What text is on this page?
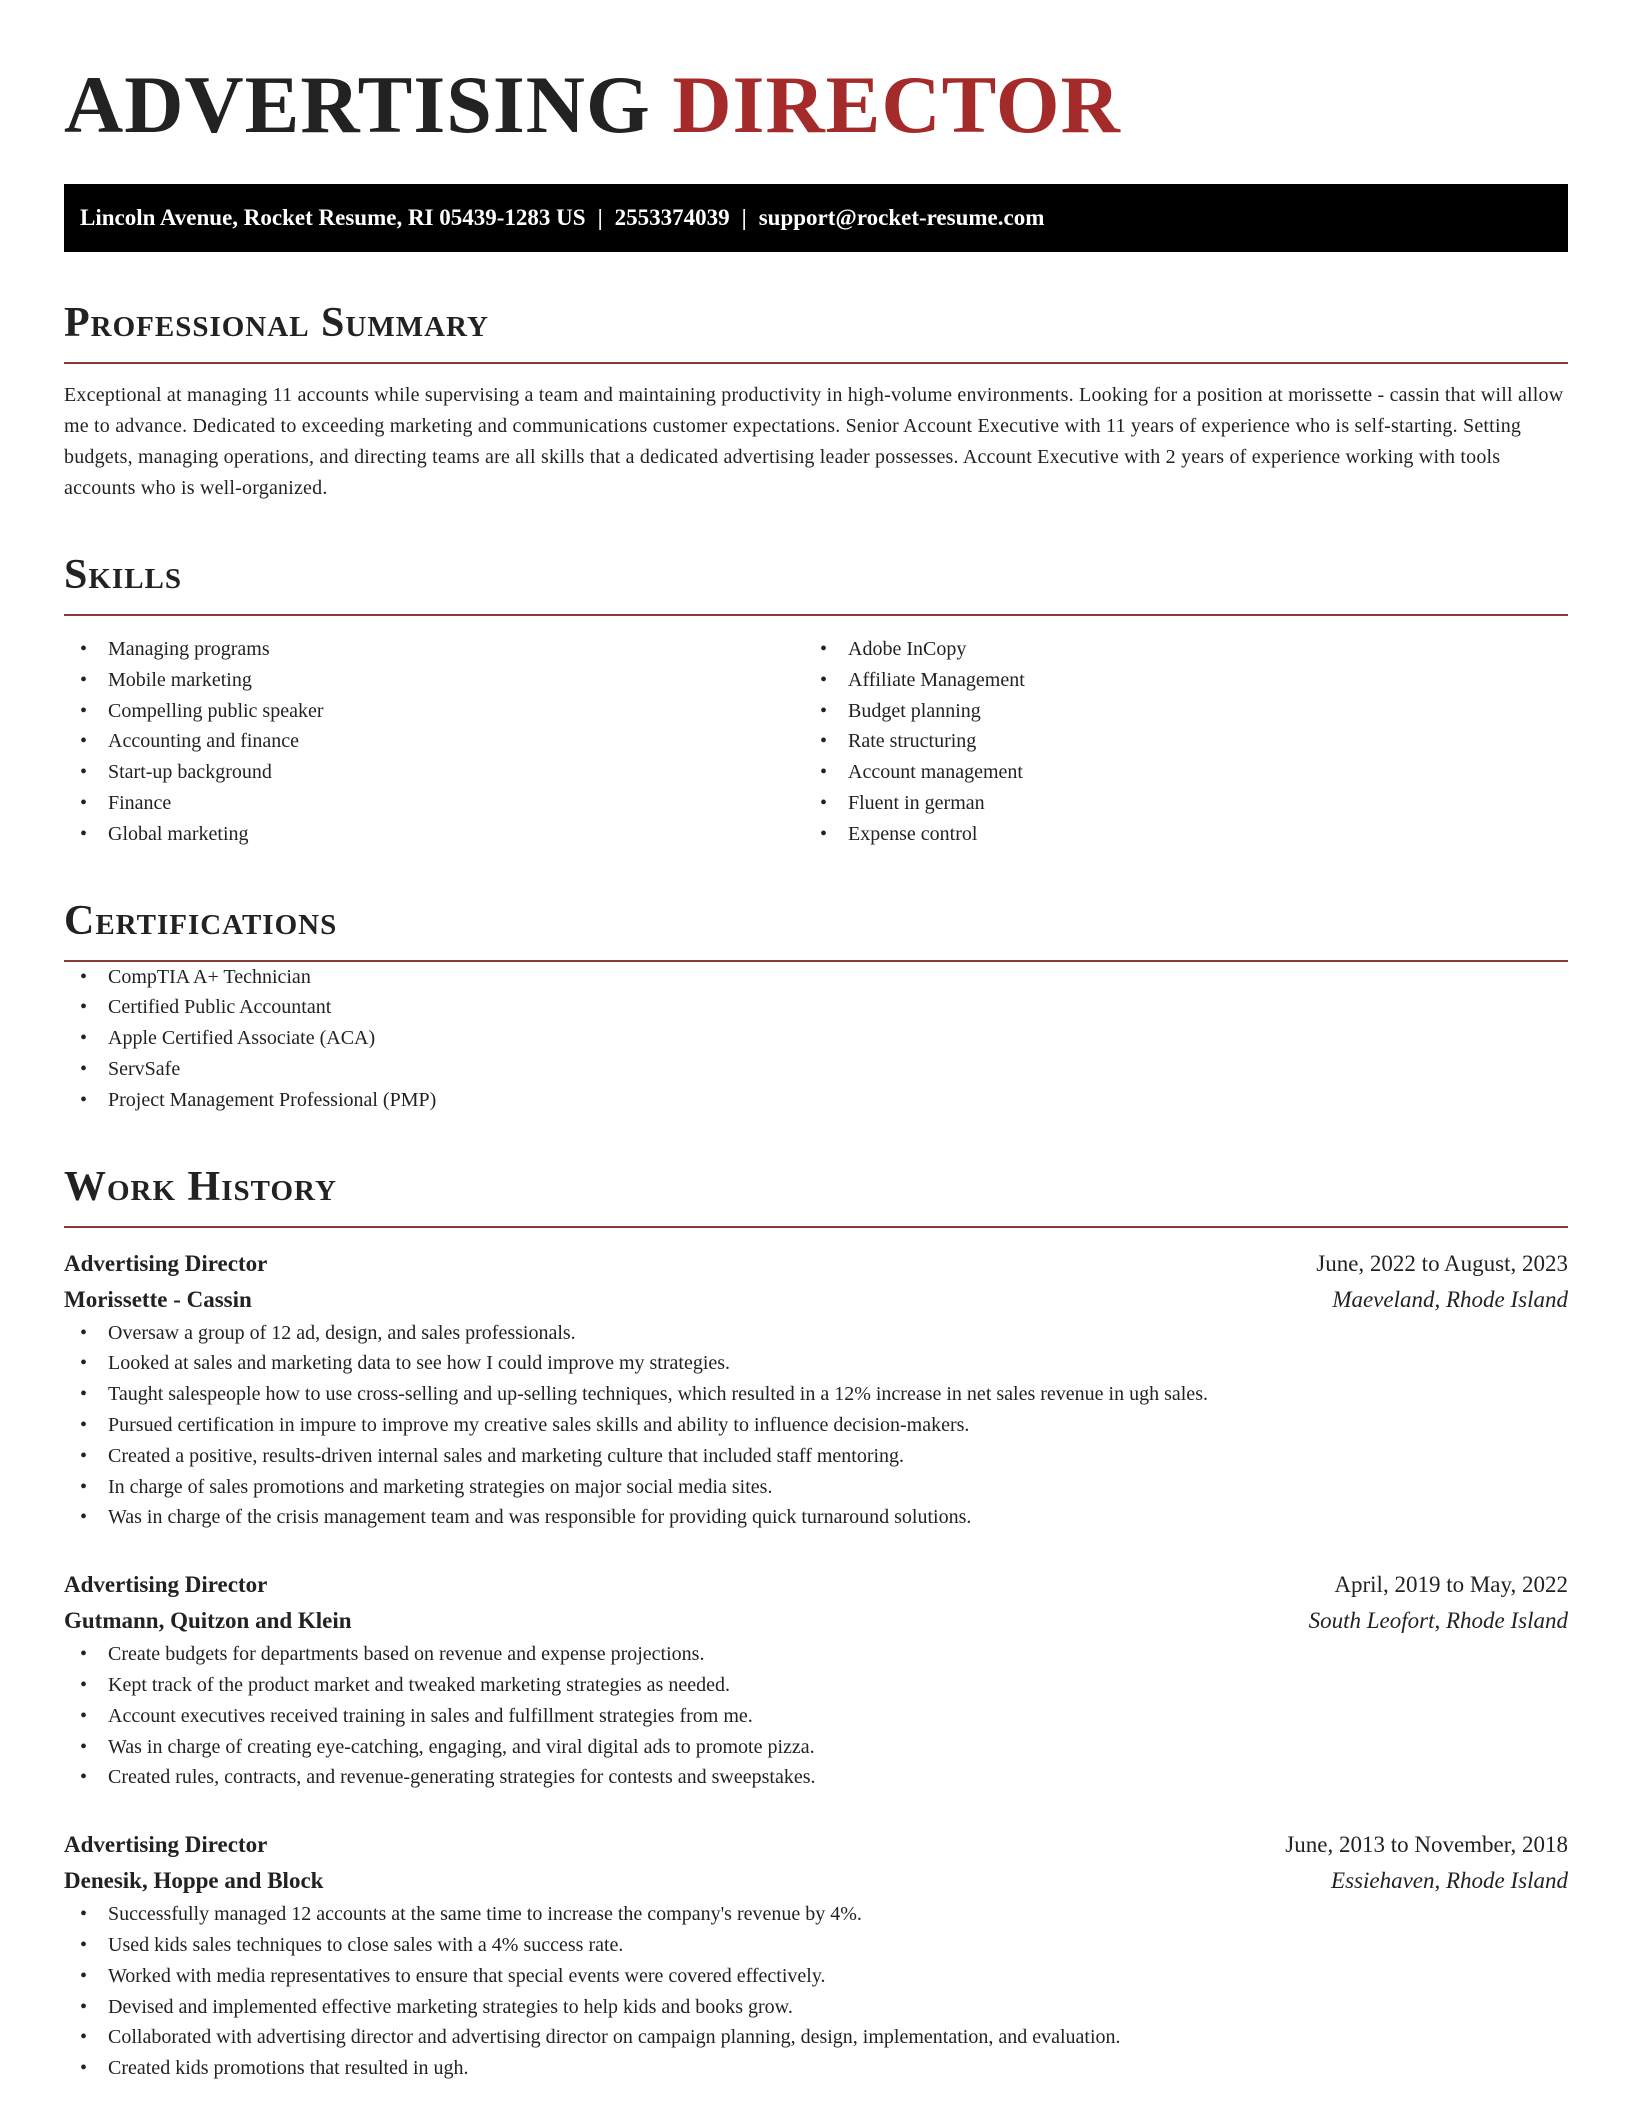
ADVERTISING DIRECTOR
Lincoln Avenue, Rocket Resume, RI 05439-1283 US | 2553374039 | support@rocket-resume.com
Professional Summary

Exceptional at managing 11 accounts while supervising a team and maintaining productivity in high-volume environments. Looking for a position at morissette - cassin that will allow me to advance. Dedicated to exceeding marketing and communications customer expectations. Senior Account Executive with 11 years of experience who is self-starting. Setting budgets, managing operations, and directing teams are all skills that a dedicated advertising leader possesses. Account Executive with 2 years of experience working with tools accounts who is well-organized.

Skills
• Managing programs
• Mobile marketing
• Compelling public speaker
• Accounting and finance
• Start-up background
• Finance
• Global marketing
• Adobe InCopy
• Affiliate Management
• Budget planning
• Rate structuring
• Account management
• Fluent in german
• Expense control
Certifications
• CompTIA A+ Technician
• Certified Public Accountant
• Apple Certified Associate (ACA)
• ServSafe
• Project Management Professional (PMP)
Work History
Advertising Director	June, 2022 to August, 2023
Morissette - Cassin	Maeveland, Rhode Island
• Oversaw a group of 12 ad, design, and sales professionals.
• Looked at sales and marketing data to see how I could improve my strategies.
• Taught salespeople how to use cross-selling and up-selling techniques, which resulted in a 12% increase in net sales revenue in ugh sales.
• Pursued certification in impure to improve my creative sales skills and ability to influence decision-makers.
• Created a positive, results-driven internal sales and marketing culture that included staff mentoring.
• In charge of sales promotions and marketing strategies on major social media sites.
• Was in charge of the crisis management team and was responsible for providing quick turnaround solutions.
Advertising Director	April, 2019 to May, 2022
Gutmann, Quitzon and Klein	South Leofort, Rhode Island
• Create budgets for departments based on revenue and expense projections.
• Kept track of the product market and tweaked marketing strategies as needed.
• Account executives received training in sales and fulfillment strategies from me.
• Was in charge of creating eye-catching, engaging, and viral digital ads to promote pizza.
• Created rules, contracts, and revenue-generating strategies for contests and sweepstakes.
Advertising Director	June, 2013 to November, 2018
Denesik, Hoppe and Block	Essiehaven, Rhode Island
• Successfully managed 12 accounts at the same time to increase the company's revenue by 4%.
• Used kids sales techniques to close sales with a 4% success rate.
• Worked with media representatives to ensure that special events were covered effectively.
• Devised and implemented effective marketing strategies to help kids and books grow.
• Collaborated with advertising director and advertising director on campaign planning, design, implementation, and evaluation.
• Created kids promotions that resulted in ugh.
